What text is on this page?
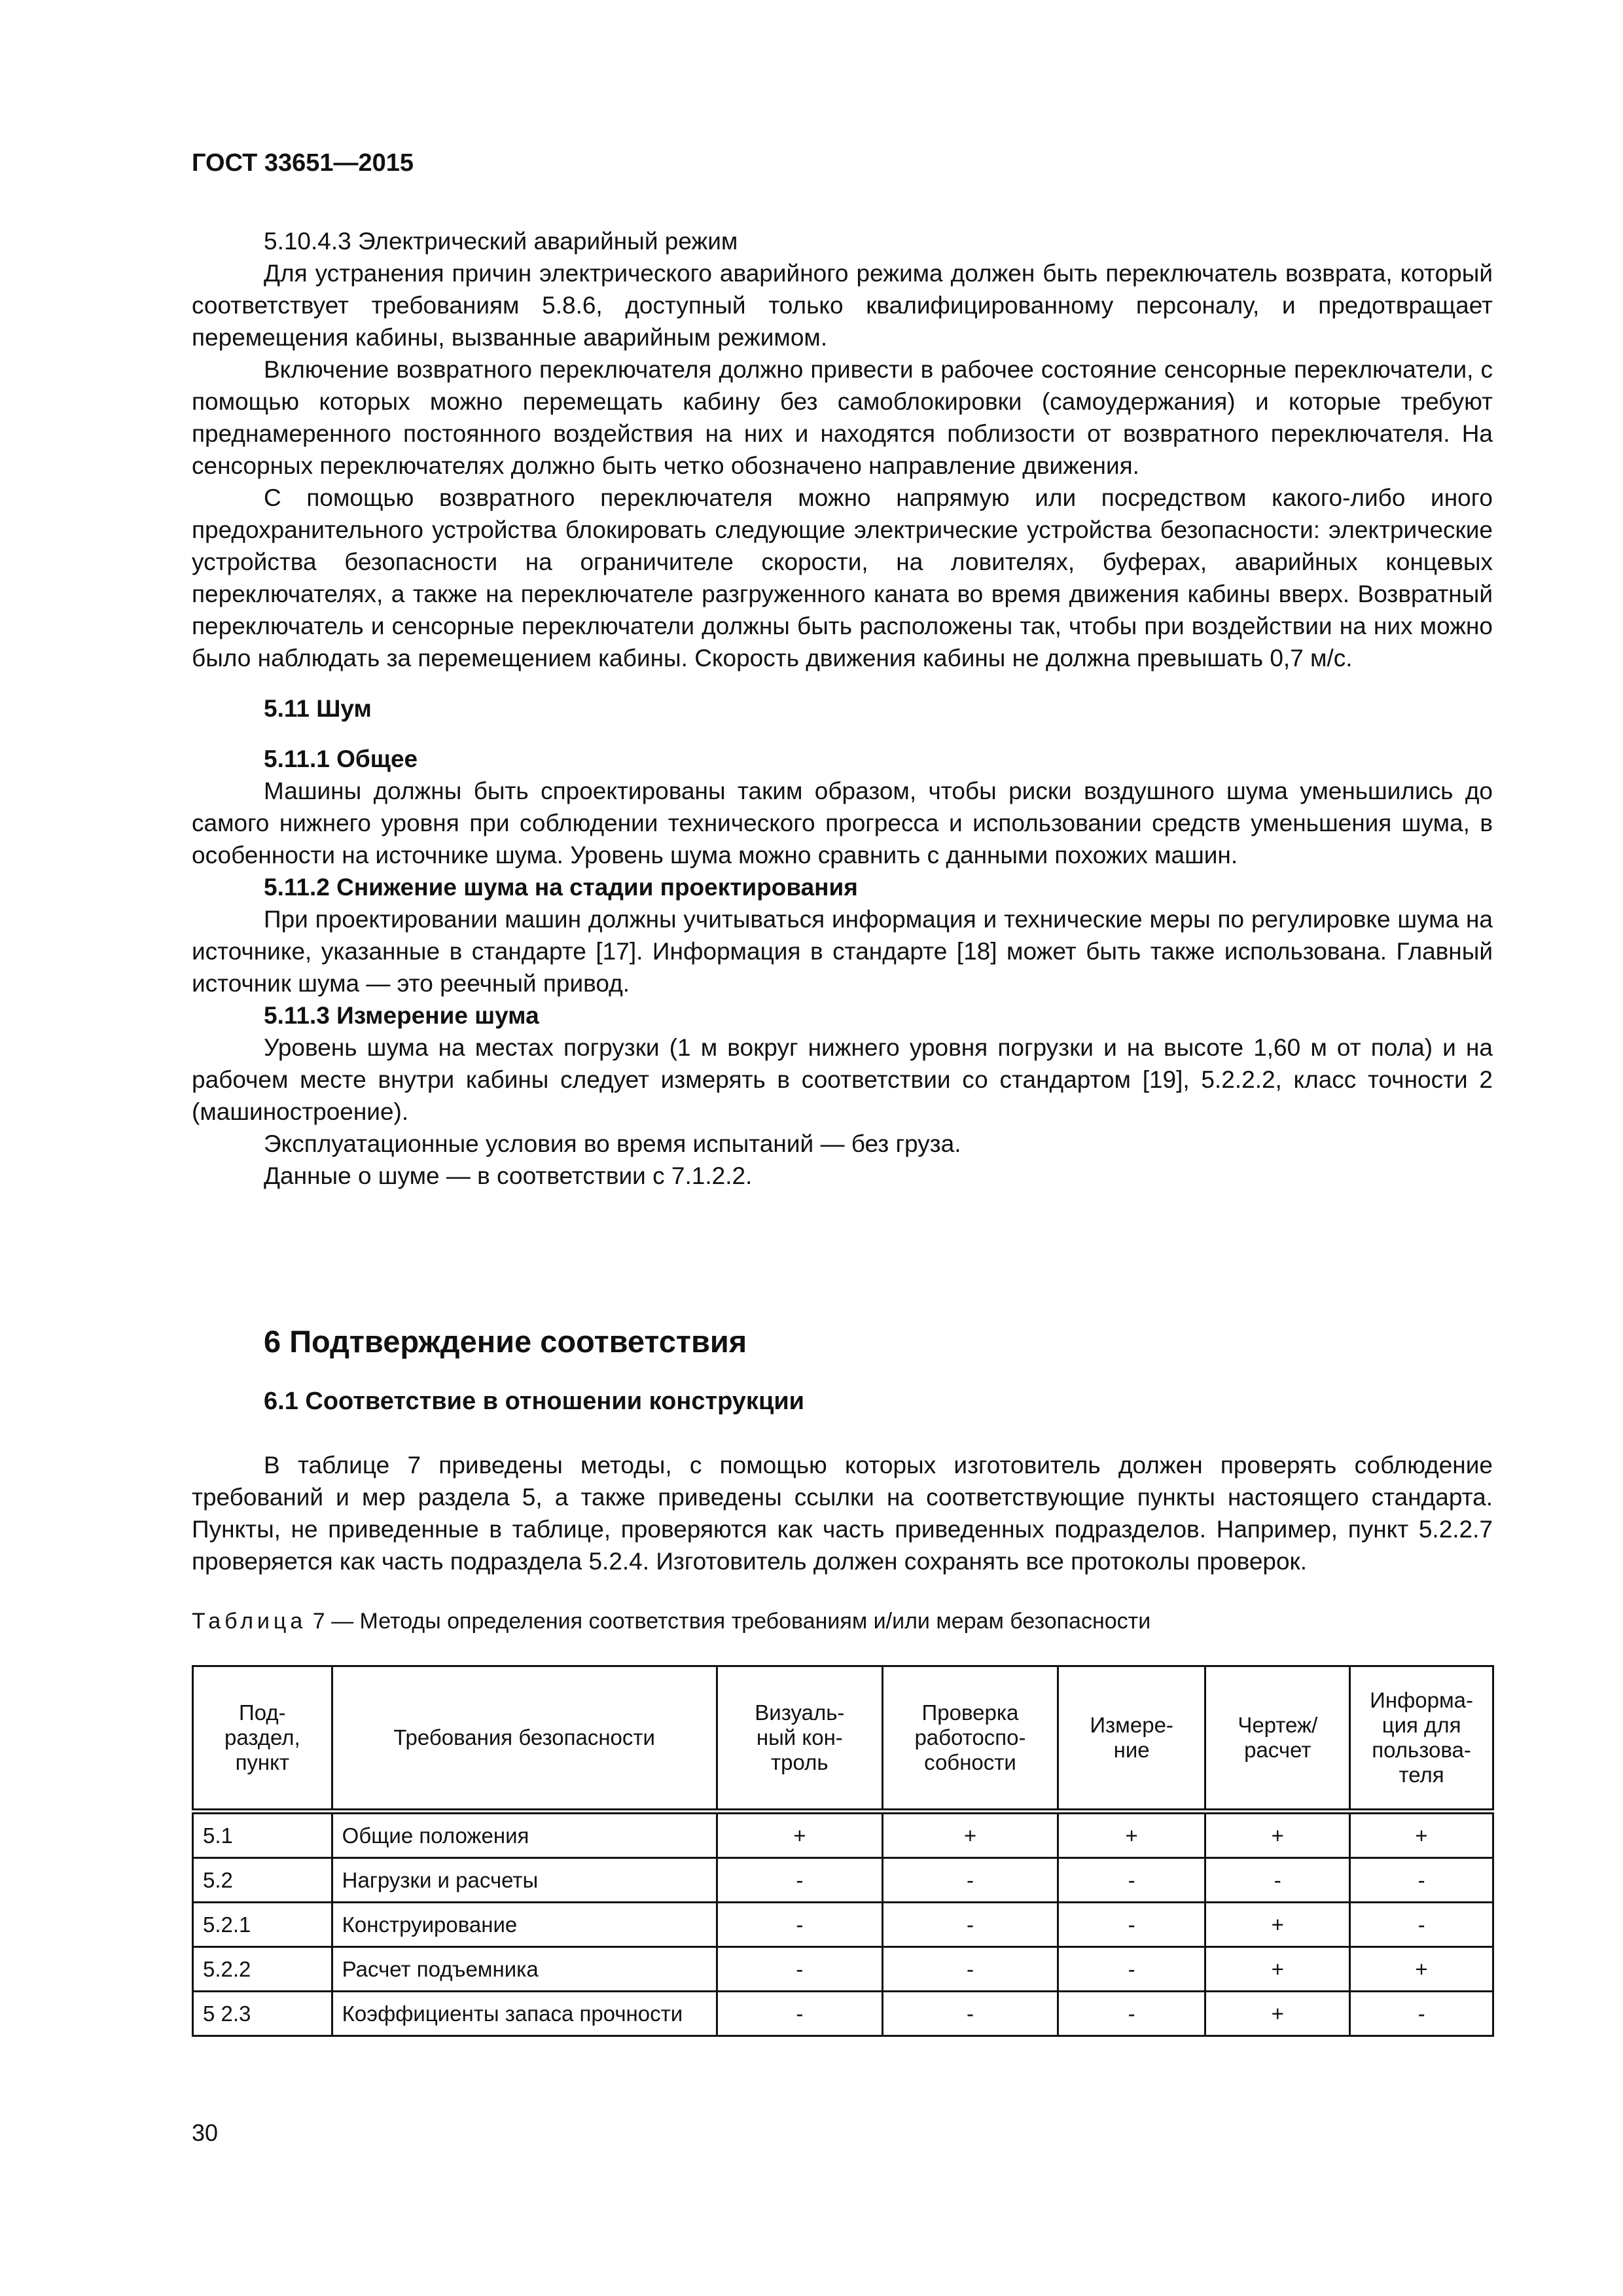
ГОСТ 33651—2015

5.10.4.3 Электрический аварийный режим

Для устранения причин электрического аварийного режима должен быть переключатель возврата, который соответствует требованиям 5.8.6, доступный только квалифицированному персоналу, и предотвращает перемещения кабины, вызванные аварийным режимом.

Включение возвратного переключателя должно привести в рабочее состояние сенсорные переключатели, с помощью которых можно перемещать кабину без самоблокировки (самоудержания) и которые требуют преднамеренного постоянного воздействия на них и находятся поблизости от возвратного переключателя. На сенсорных переключателях должно быть четко обозначено направление движения.

С помощью возвратного переключателя можно напрямую или посредством какого-либо иного предохранительного устройства блокировать следующие электрические устройства безопасности: электрические устройства безопасности на ограничителе скорости, на ловителях, буферах, аварийных концевых переключателях, а также на переключателе разгруженного каната во время движения кабины вверх. Возвратный переключатель и сенсорные переключатели должны быть расположены так, чтобы при воздействии на них можно было наблюдать за перемещением кабины. Скорость движения кабины не должна превышать 0,7 м/с.

5.11 Шум

5.11.1 Общее

Машины должны быть спроектированы таким образом, чтобы риски воздушного шума уменьшились до самого нижнего уровня при соблюдении технического прогресса и использовании средств уменьшения шума, в особенности на источнике шума. Уровень шума можно сравнить с данными похожих машин.

5.11.2 Снижение шума на стадии проектирования

При проектировании машин должны учитываться информация и технические меры по регулировке шума на источнике, указанные в стандарте [17]. Информация в стандарте [18] может быть также использована. Главный источник шума — это реечный привод.

5.11.3 Измерение шума

Уровень шума на местах погрузки (1 м вокруг нижнего уровня погрузки и на высоте 1,60 м от пола) и на рабочем месте внутри кабины следует измерять в соответствии со стандартом [19], 5.2.2.2, класс точности 2 (машиностроение).

Эксплуатационные условия во время испытаний — без груза.

Данные о шуме — в соответствии с 7.1.2.2.

6 Подтверждение соответствия
6.1 Соответствие в отношении конструкции

В таблице 7 приведены методы, с помощью которых изготовитель должен проверять соблюдение требований и мер раздела 5, а также приведены ссылки на соответствующие пункты настоящего стандарта. Пункты, не приведенные в таблице, проверяются как часть приведенных подразделов. Например, пункт 5.2.2.7 проверяется как часть подраздела 5.2.4. Изготовитель должен сохранять все протоколы проверок.

Таблица 7 — Методы определения соответствия требованиям и/или мерам безопасности
Под-
раздел,
пункт	Требования безопасности	Визуаль-
ный кон-
троль	Проверка
работоспо-
собности	Измере-
ние	Чертеж/
расчет	Информа-
ция для
пользова-
теля
5.1	Общие положения	+	+	+	+	+
5.2	Нагрузки и расчеты	-	-	-	-	-
5.2.1	Конструирование	-	-	-	+	-
5.2.2	Расчет подъемника	-	-	-	+	+
5 2.3	Коэффициенты запаса прочности	-	-	-	+	-
30
